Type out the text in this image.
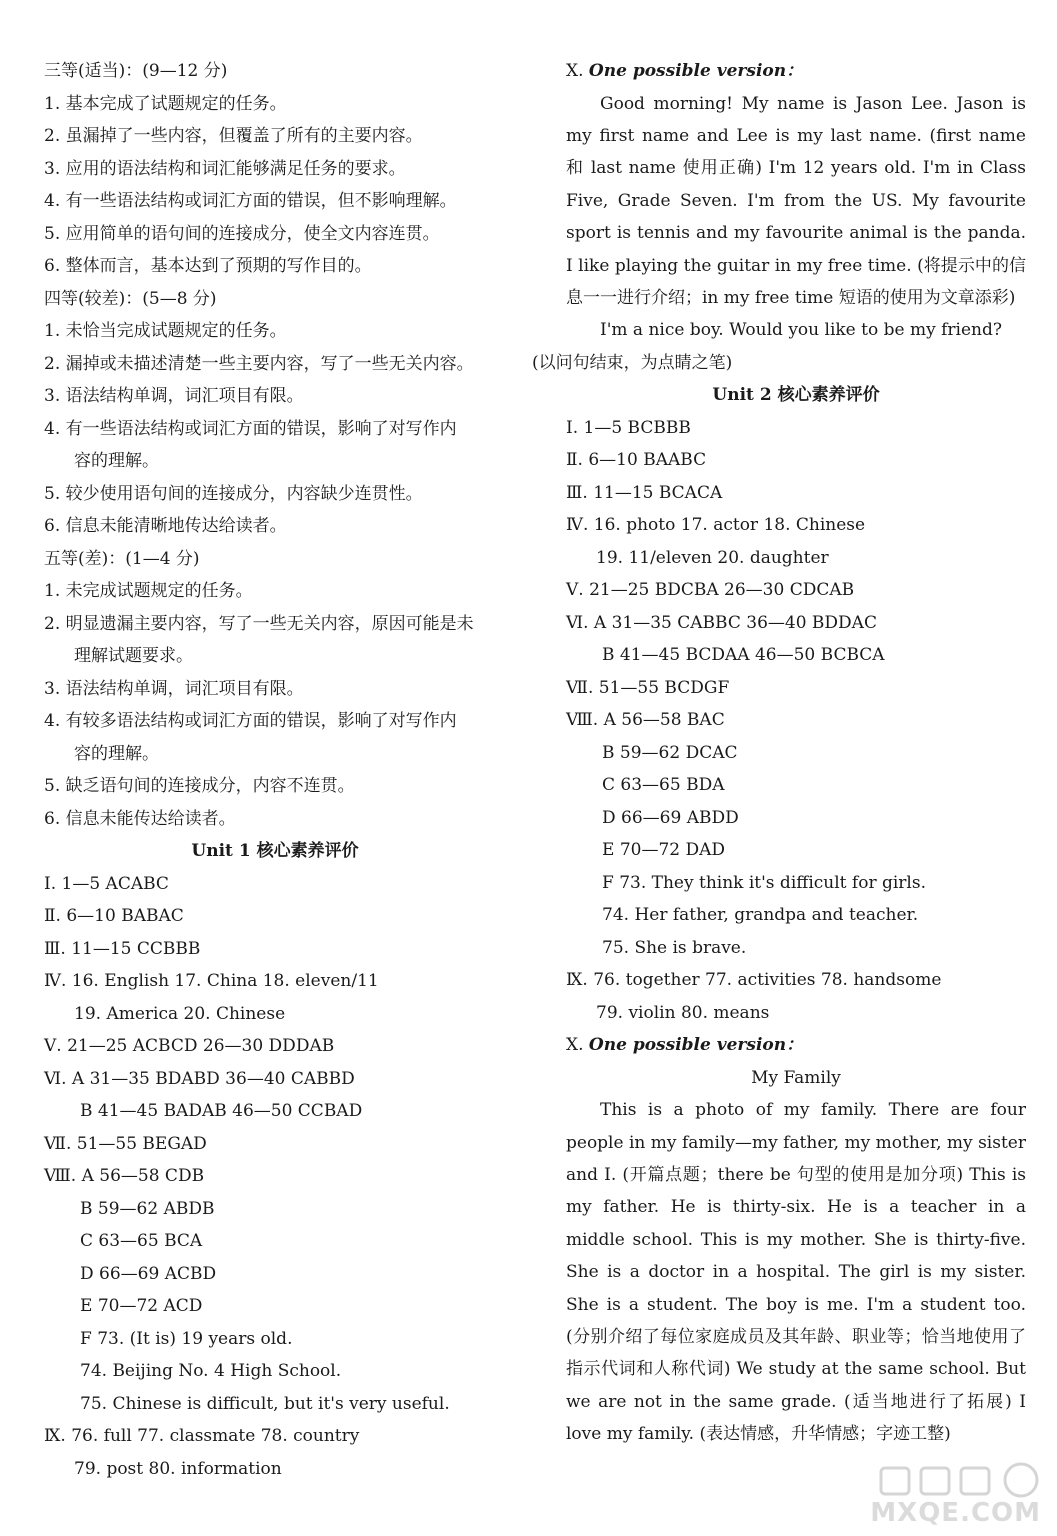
三等(适当)：(9—12 分)
1. 基本完成了试题规定的任务。
2. 虽漏掉了一些内容，但覆盖了所有的主要内容。
3. 应用的语法结构和词汇能够满足任务的要求。
4. 有一些语法结构或词汇方面的错误，但不影响理解。
5. 应用简单的语句间的连接成分，使全文内容连贯。
6. 整体而言，基本达到了预期的写作目的。
四等(较差)：(5—8 分)
1. 未恰当完成试题规定的任务。
2. 漏掉或未描述清楚一些主要内容，写了一些无关内容。
3. 语法结构单调，词汇项目有限。
4. 有一些语法结构或词汇方面的错误，影响了对写作内
容的理解。
5. 较少使用语句间的连接成分，内容缺少连贯性。
6. 信息未能清晰地传达给读者。
五等(差)：(1—4 分)
1. 未完成试题规定的任务。
2. 明显遗漏主要内容，写了一些无关内容，原因可能是未
理解试题要求。
3. 语法结构单调，词汇项目有限。
4. 有较多语法结构或词汇方面的错误，影响了对写作内
容的理解。
5. 缺乏语句间的连接成分，内容不连贯。
6. 信息未能传达给读者。
Unit 1 核心素养评价
Ⅰ. 1—5 ACABC
Ⅱ. 6—10 BABAC
Ⅲ. 11—15 CCBBB
Ⅳ. 16. English 17. China 18. eleven/11
19. America 20. Chinese
Ⅴ. 21—25 ACBCD 26—30 DDDAB
Ⅵ. A 31—35 BDABD 36—40 CABBD
B 41—45 BADAB 46—50 CCBAD
Ⅶ. 51—55 BEGAD
Ⅷ. A 56—58 CDB
B 59—62 ABDB
C 63—65 BCA
D 66—69 ACBD
E 70—72 ACD
F 73. (It is) 19 years old.
74. Beijing No. 4 High School.
75. Chinese is difficult, but it's very useful.
Ⅸ. 76. full 77. classmate 78. country
79. post 80. information
Ⅹ. One possible version：

Good morning! My name is Jason Lee. Jason is my first name and Lee is my last name. (first name 和 last name 使用正确) I'm 12 years old. I'm in Class Five, Grade Seven. I'm from the US. My favourite sport is tennis and my favourite animal is the panda. I like playing the guitar in my free time. (将提示中的信息一一进行介绍；in my free time 短语的使用为文章添彩)

I'm a nice boy. Would you like to be my friend?
(以问句结束，为点睛之笔)

Unit 2 核心素养评价
Ⅰ. 1—5 BCBBB
Ⅱ. 6—10 BAABC
Ⅲ. 11—15 BCACA
Ⅳ. 16. photo 17. actor 18. Chinese
19. 11/eleven 20. daughter
Ⅴ. 21—25 BDCBA 26—30 CDCAB
Ⅵ. A 31—35 CABBC 36—40 BDDAC
B 41—45 BCDAA 46—50 BCBCA
Ⅶ. 51—55 BCDGF
Ⅷ. A 56—58 BAC
B 59—62 DCAC
C 63—65 BDA
D 66—69 ABDD
E 70—72 DAD
F 73. They think it's difficult for girls.
74. Her father, grandpa and teacher.
75. She is brave.
Ⅸ. 76. together 77. activities 78. handsome
79. violin 80. means
Ⅹ. One possible version：
My Family

This is a photo of my family. There are four people in my family—my father, my mother, my sister and I. (开篇点题；there be 句型的使用是加分项) This is my father. He is thirty-six. He is a teacher in a middle school. This is my mother. She is thirty-five. She is a doctor in a hospital. The girl is my sister. She is a student. The boy is me. I'm a student too. (分别介绍了每位家庭成员及其年龄、职业等；恰当地使用了指示代词和人称代词) We study at the same school. But we are not in the same grade. (适当地进行了拓展) I love my family. (表达情感，升华情感；字迹工整)

MXQE.COM
